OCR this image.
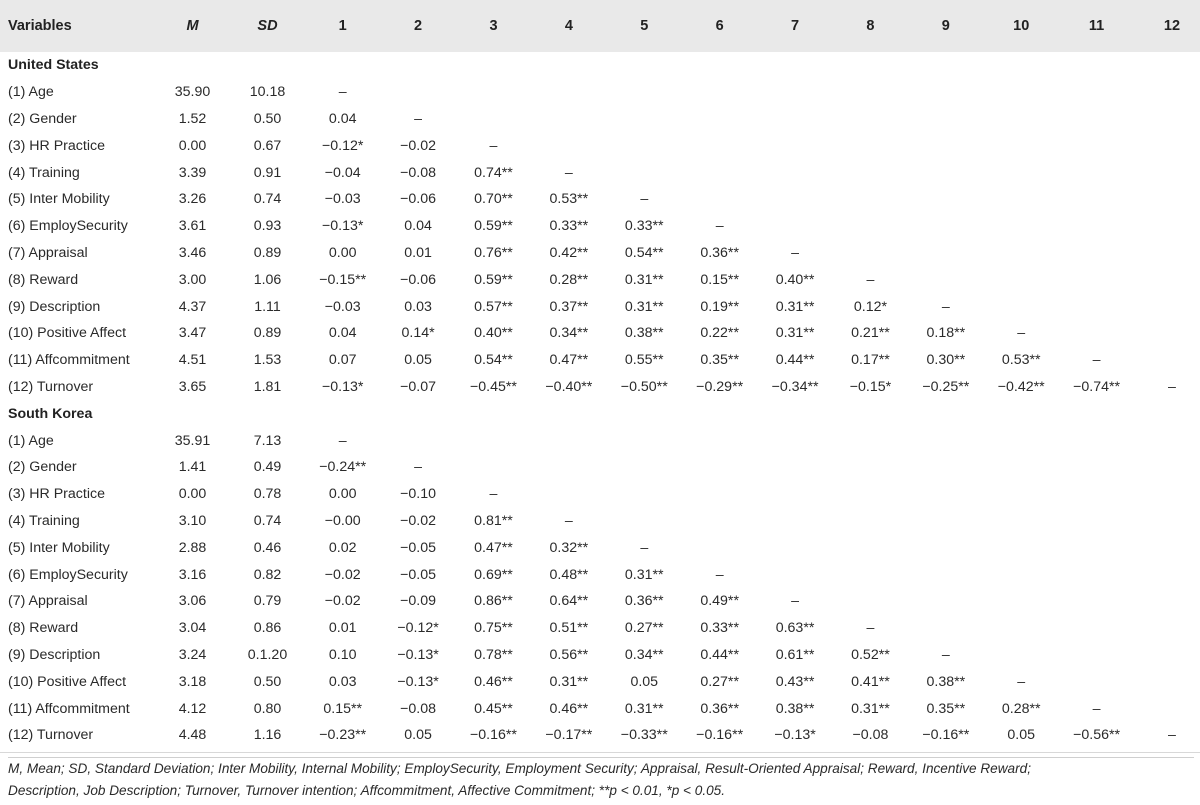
Variables	M	SD	1	2	3	4	5	6	7	8	9	10	11	12
United States														
(1) Age	35.90	10.18	–											
(2) Gender	1.52	0.50	0.04	–										
(3) HR Practice	0.00	0.67	−0.12*	−0.02	–									
(4) Training	3.39	0.91	−0.04	−0.08	0.74**	–								
(5) Inter Mobility	3.26	0.74	−0.03	−0.06	0.70**	0.53**	–							
(6) EmploySecurity	3.61	0.93	−0.13*	0.04	0.59**	0.33**	0.33**	–						
(7) Appraisal	3.46	0.89	0.00	0.01	0.76**	0.42**	0.54**	0.36**	–					
(8) Reward	3.00	1.06	−0.15**	−0.06	0.59**	0.28**	0.31**	0.15**	0.40**	–				
(9) Description	4.37	1.11	−0.03	0.03	0.57**	0.37**	0.31**	0.19**	0.31**	0.12*	–			
(10) Positive Affect	3.47	0.89	0.04	0.14*	0.40**	0.34**	0.38**	0.22**	0.31**	0.21**	0.18**	–		
(11) Affcommitment	4.51	1.53	0.07	0.05	0.54**	0.47**	0.55**	0.35**	0.44**	0.17**	0.30**	0.53**	–	
(12) Turnover	3.65	1.81	−0.13*	−0.07	−0.45**	−0.40**	−0.50**	−0.29**	−0.34**	−0.15*	−0.25**	−0.42**	−0.74**	–
South Korea														
(1) Age	35.91	7.13	–											
(2) Gender	1.41	0.49	−0.24**	–										
(3) HR Practice	0.00	0.78	0.00	−0.10	–									
(4) Training	3.10	0.74	−0.00	−0.02	0.81**	–								
(5) Inter Mobility	2.88	0.46	0.02	−0.05	0.47**	0.32**	–							
(6) EmploySecurity	3.16	0.82	−0.02	−0.05	0.69**	0.48**	0.31**	–						
(7) Appraisal	3.06	0.79	−0.02	−0.09	0.86**	0.64**	0.36**	0.49**	–					
(8) Reward	3.04	0.86	0.01	−0.12*	0.75**	0.51**	0.27**	0.33**	0.63**	–				
(9) Description	3.24	0.1.20	0.10	−0.13*	0.78**	0.56**	0.34**	0.44**	0.61**	0.52**	–			
(10) Positive Affect	3.18	0.50	0.03	−0.13*	0.46**	0.31**	0.05	0.27**	0.43**	0.41**	0.38**	–		
(11) Affcommitment	4.12	0.80	0.15**	−0.08	0.45**	0.46**	0.31**	0.36**	0.38**	0.31**	0.35**	0.28**	–	
(12) Turnover	4.48	1.16	−0.23**	0.05	−0.16**	−0.17**	−0.33**	−0.16**	−0.13*	−0.08	−0.16**	0.05	−0.56**	–
M, Mean; SD, Standard Deviation; Inter Mobility, Internal Mobility; EmploySecurity, Employment Security; Appraisal, Result-Oriented Appraisal; Reward, Incentive Reward;
Description, Job Description; Turnover, Turnover intention; Affcommitment, Affective Commitment; **p < 0.01, *p < 0.05.
